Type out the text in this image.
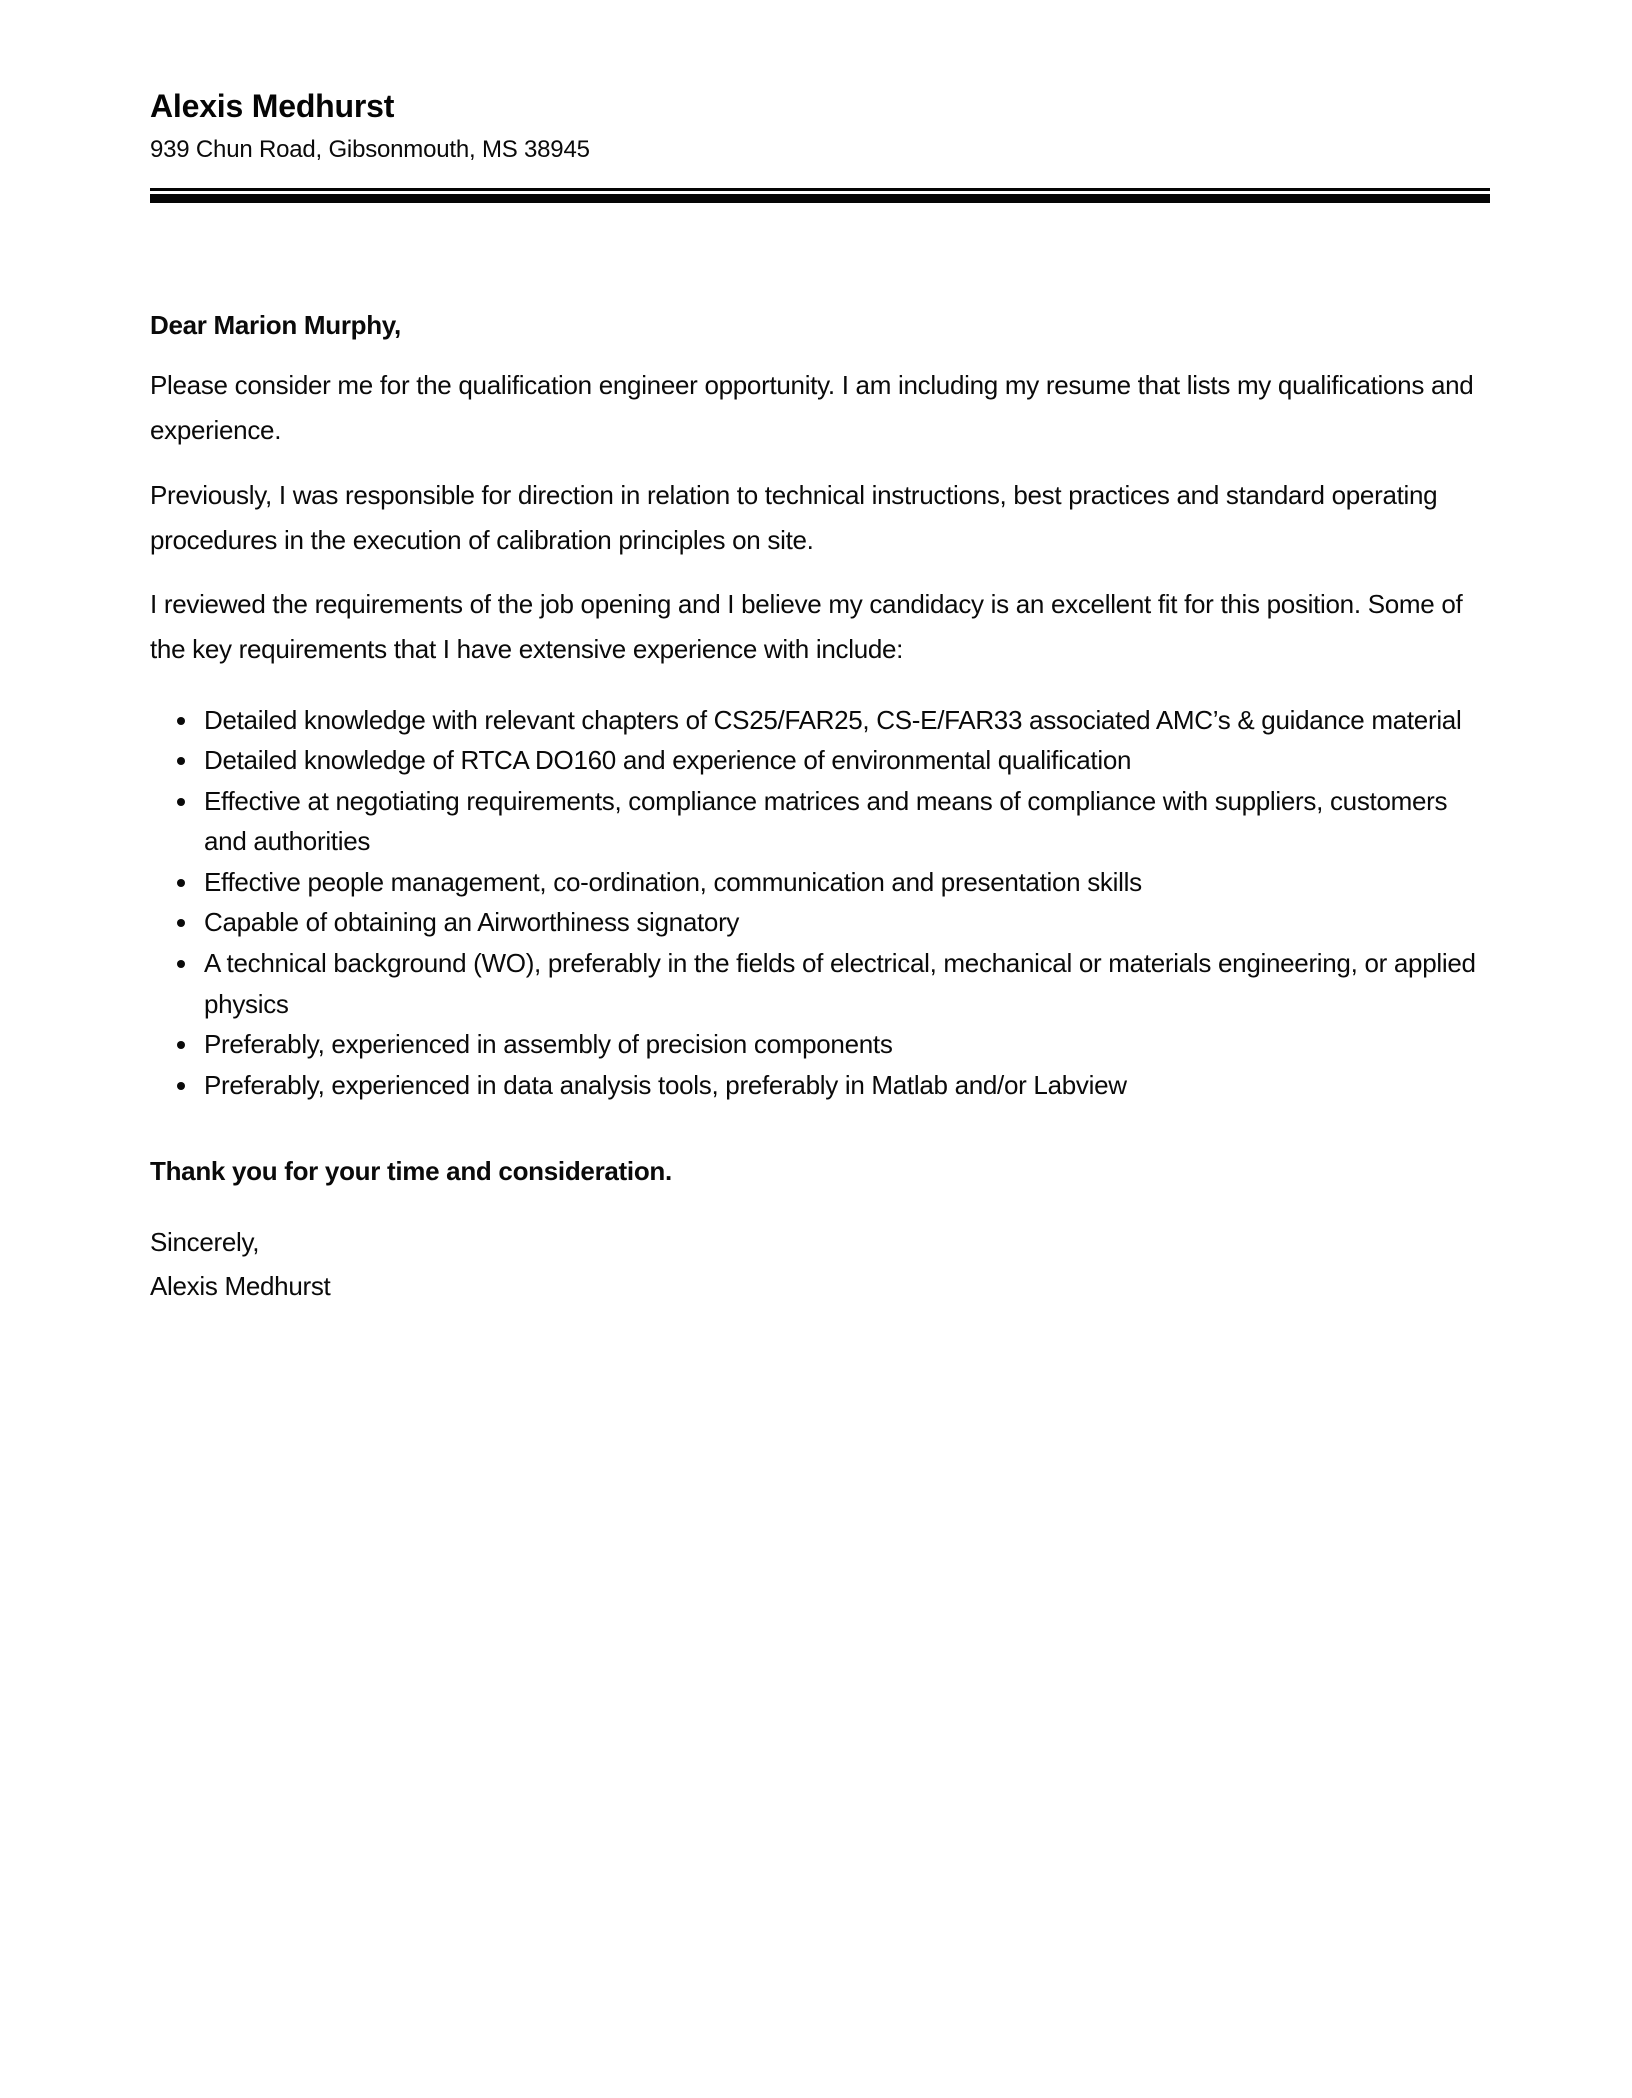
Alexis Medhurst
939 Chun Road, Gibsonmouth, MS 38945

Dear Marion Murphy,

Please consider me for the qualification engineer opportunity. I am including my resume that lists my qualifications and experience.

Previously, I was responsible for direction in relation to technical instructions, best practices and standard operating procedures in the execution of calibration principles on site.

I reviewed the requirements of the job opening and I believe my candidacy is an excellent fit for this position. Some of the key requirements that I have extensive experience with include:

• Detailed knowledge with relevant chapters of CS25/FAR25, CS-E/FAR33 associated AMC’s & guidance material
• Detailed knowledge of RTCA DO160 and experience of environmental qualification
• Effective at negotiating requirements, compliance matrices and means of compliance with suppliers, customers and authorities
• Effective people management, co-ordination, communication and presentation skills
• Capable of obtaining an Airworthiness signatory
• A technical background (WO), preferably in the fields of electrical, mechanical or materials engineering, or applied physics
• Preferably, experienced in assembly of precision components
• Preferably, experienced in data analysis tools, preferably in Matlab and/or Labview

Thank you for your time and consideration.

Sincerely,
Alexis Medhurst
